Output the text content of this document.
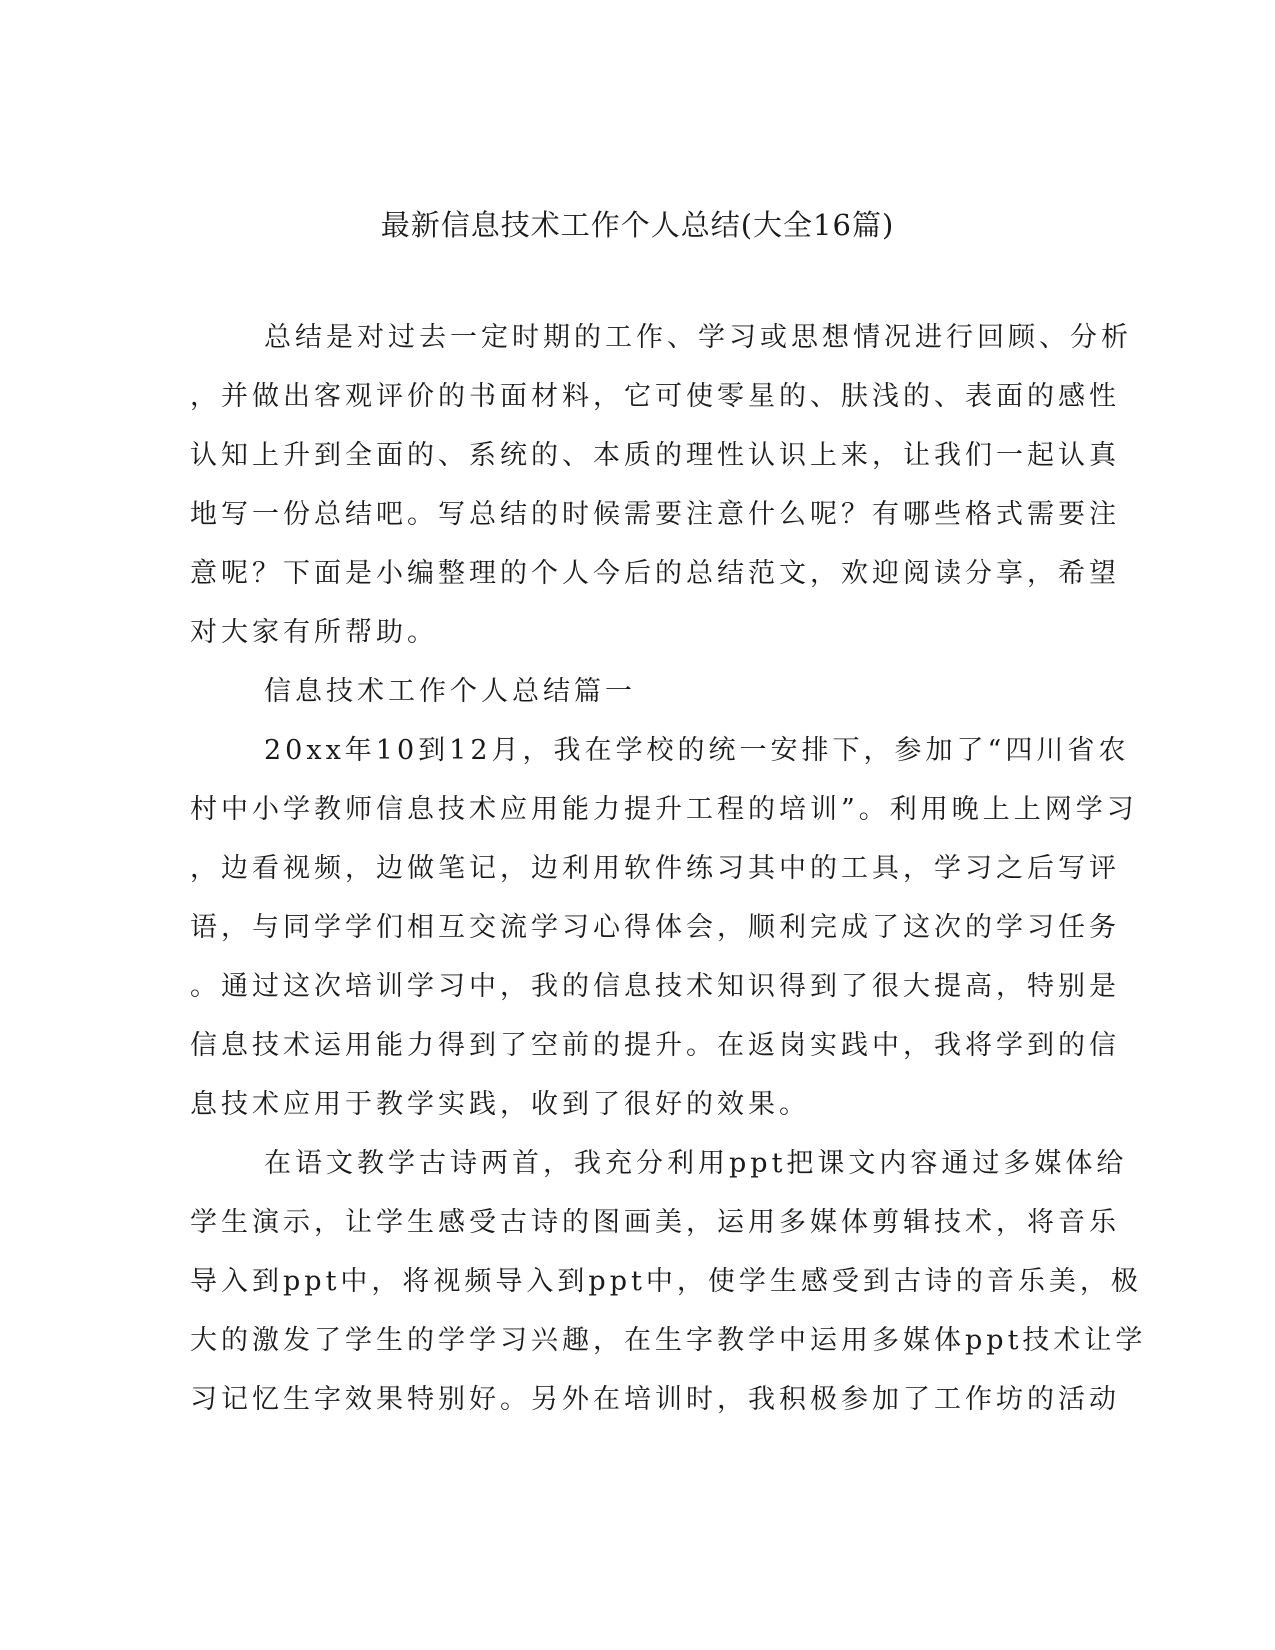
最新信息技术工作个人总结(大全16篇)

总结是对过去一定时期的工作、学习或思想情况进行回顾、分析

，并做出客观评价的书面材料，它可使零星的、肤浅的、表面的感性

认知上升到全面的、系统的、本质的理性认识上来，让我们一起认真

地写一份总结吧。写总结的时候需要注意什么呢？有哪些格式需要注

意呢？下面是小编整理的个人今后的总结范文，欢迎阅读分享，希望

对大家有所帮助。

信息技术工作个人总结篇一

20xx年10到12月，我在学校的统一安排下，参加了“四川省农

村中小学教师信息技术应用能力提升工程的培训”。利用晚上上网学习

，边看视频，边做笔记，边利用软件练习其中的工具，学习之后写评

语，与同学学们相互交流学习心得体会，顺利完成了这次的学习任务

。通过这次培训学习中，我的信息技术知识得到了很大提高，特别是

信息技术运用能力得到了空前的提升。在返岗实践中，我将学到的信

息技术应用于教学实践，收到了很好的效果。

在语文教学古诗两首，我充分利用ppt把课文内容通过多媒体给

学生演示，让学生感受古诗的图画美，运用多媒体剪辑技术，将音乐

导入到ppt中，将视频导入到ppt中，使学生感受到古诗的音乐美，极

大的激发了学生的学学习兴趣，在生字教学中运用多媒体ppt技术让学

习记忆生字效果特别好。另外在培训时，我积极参加了工作坊的活动
